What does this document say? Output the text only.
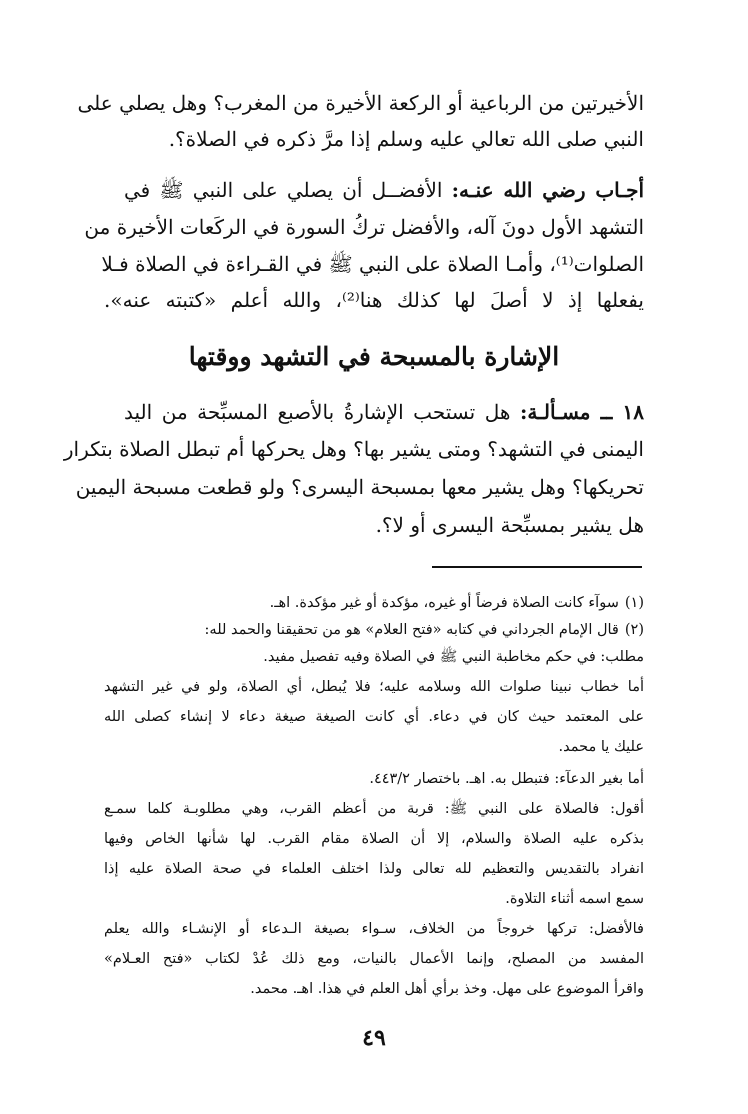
الأخيرتين من الرباعية أو الركعة الأخيرة من المغرب؟ وهل يصلي على
النبي صلى الله تعالي عليه وسلم إذا مرَّ ذكره في الصلاة؟.
أجـاب رضي الله عنـه: الأفضــل أن يصلي على النبي ﷺ في
التشهد الأول دونَ آله، والأفضل تركُ السورة في الركَعات الأخيرة من
الصلوات⁽¹⁾، وأمـا الصلاة على النبي ﷺ في القـراءة في الصلاة فـلا
يفعلها إذ لا أصلَ لها كذلك هنا⁽²⁾، والله أعلم «كتبته عنه».
الإشارة بالمسبحة في التشهد ووقتها
١٨ ــ مسـألـة: هل تستحب الإشارةُ بالأصبع المسبِّحة من اليد
اليمنى في التشهد؟ ومتى يشير بها؟ وهل يحركها أم تبطل الصلاة بتكرار
تحريكها؟ وهل يشير معها بمسبحة اليسرى؟ ولو قطعت مسبحة اليمين
هل يشير بمسبِّحة اليسرى أو لا؟.
(١)سوآء كانت الصلاة فرضاً أو غيره، مؤكدة أو غير مؤكدة. اهـ.
(٢)قال الإمام الجرداني في كتابه «فتح العلام» هو من تحقيقنا والحمد لله:
مطلب: في حكم مخاطبة النبي ﷺ في الصلاة وفيه تفصيل مفيد.
أما خطاب نبينا صلوات الله وسلامه عليه؛ فلا يُبطل، أي الصلاة، ولو في غير التشهد
على المعتمد حيث كان في دعاء. أي كانت الصيغة صيغة دعاء لا إنشاء كصلى الله
عليك يا محمد.
أما بغير الدعآء: فتبطل به. اهـ. باختصار ٤٤٣/٢.
أقول: فالصلاة على النبي ﷺ: قربة من أعظم القرب، وهي مطلوبـة كلما سمـع
بذكره عليه الصلاة والسلام، إلا أن الصلاة مقام القرب. لها شأنها الخاص وفيها
انفراد بالتقديس والتعظيم لله تعالى ولذا اختلف العلماء في صحة الصلاة عليه إذا
سمع اسمه أثناء التلاوة.
فالأفضل: تركها خروجاً من الخلاف، سـواء بصيغة الـدعاء أو الإنشـاء والله يعلم
المفسد من المصلح، وإنما الأعمال بالنيات، ومع ذلك عُدْ لكتاب «فتح العـلام»
واقرأ الموضوع على مهل. وخذ برأي أهل العلم في هذا. اهـ. محمد.
٤٩
